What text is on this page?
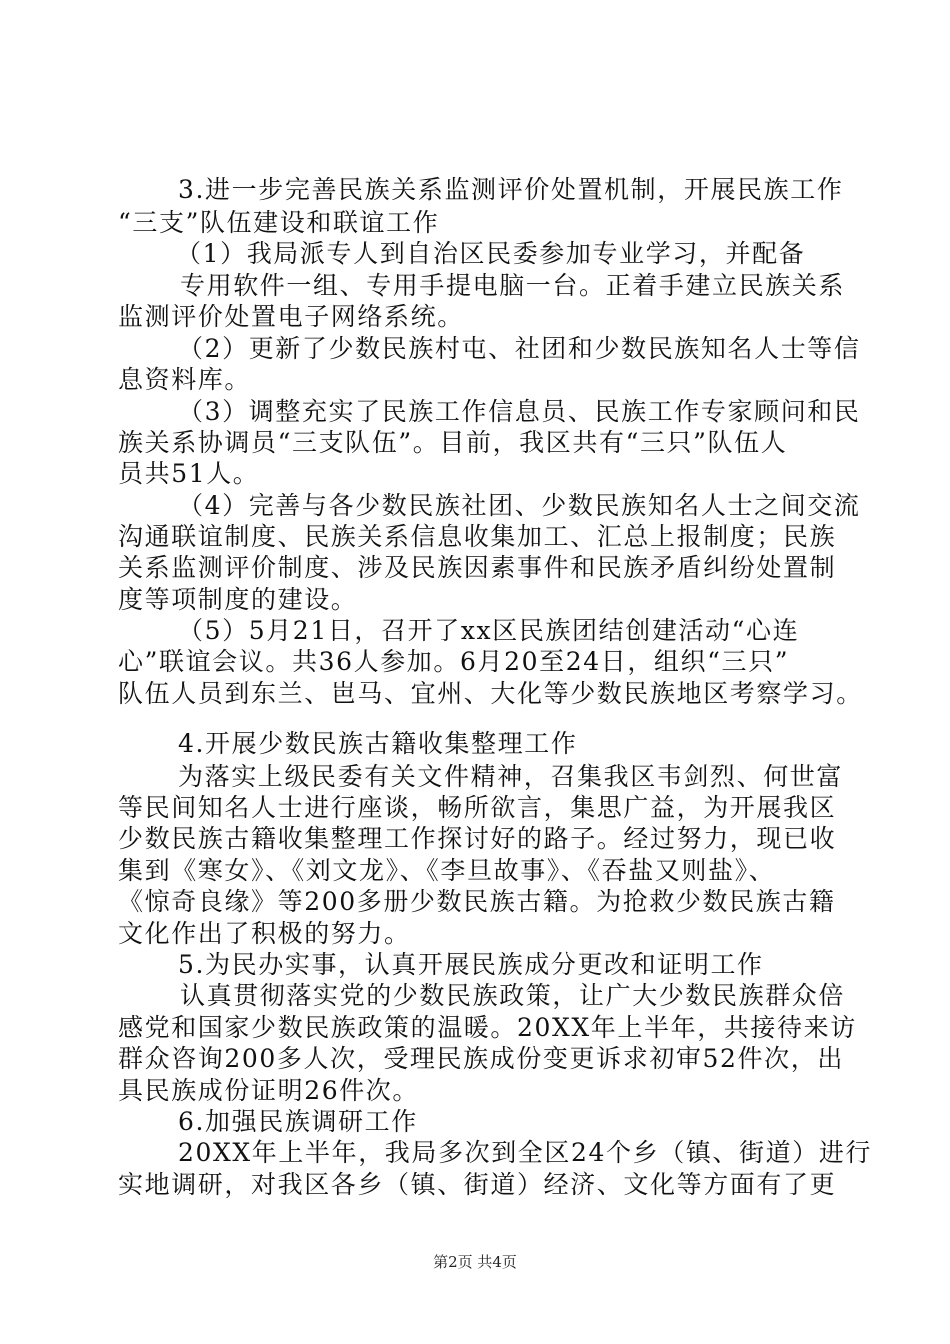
3.进一步完善民族关系监测评价处置机制，开展民族工作
“三支”队伍建设和联谊工作
（1）我局派专人到自治区民委参加专业学习，并配备
专用软件一组、专用手提电脑一台。正着手建立民族关系
监测评价处置电子网络系统。
（2）更新了少数民族村屯、社团和少数民族知名人士等信
息资料库。
（3）调整充实了民族工作信息员、民族工作专家顾问和民
族关系协调员“三支队伍”。目前，我区共有“三只”队伍人
员共51人。
（4）完善与各少数民族社团、少数民族知名人士之间交流
沟通联谊制度、民族关系信息收集加工、汇总上报制度；民族
关系监测评价制度、涉及民族因素事件和民族矛盾纠纷处置制
度等项制度的建设。
（5）5月21日，召开了xx区民族团结创建活动“心连
心”联谊会议。共36人参加。6月20至24日，组织“三只”
队伍人员到东兰、岜马、宜州、大化等少数民族地区考察学习。
4.开展少数民族古籍收集整理工作
为落实上级民委有关文件精神，召集我区韦剑烈、何世富
等民间知名人士进行座谈，畅所欲言，集思广益，为开展我区
少数民族古籍收集整理工作探讨好的路子。经过努力，现已收
集到《寒女》、《刘文龙》、《李旦故事》、《吞盐又则盐》、
《惊奇良缘》等200多册少数民族古籍。为抢救少数民族古籍
文化作出了积极的努力。
5.为民办实事，认真开展民族成分更改和证明工作
认真贯彻落实党的少数民族政策，让广大少数民族群众倍
感党和国家少数民族政策的温暖。20XX年上半年，共接待来访
群众咨询200多人次，受理民族成份变更诉求初审52件次，出
具民族成份证明26件次。
6.加强民族调研工作
20XX年上半年，我局多次到全区24个乡（镇、街道）进行
实地调研，对我区各乡（镇、街道）经济、文化等方面有了更
第2页 共4页
